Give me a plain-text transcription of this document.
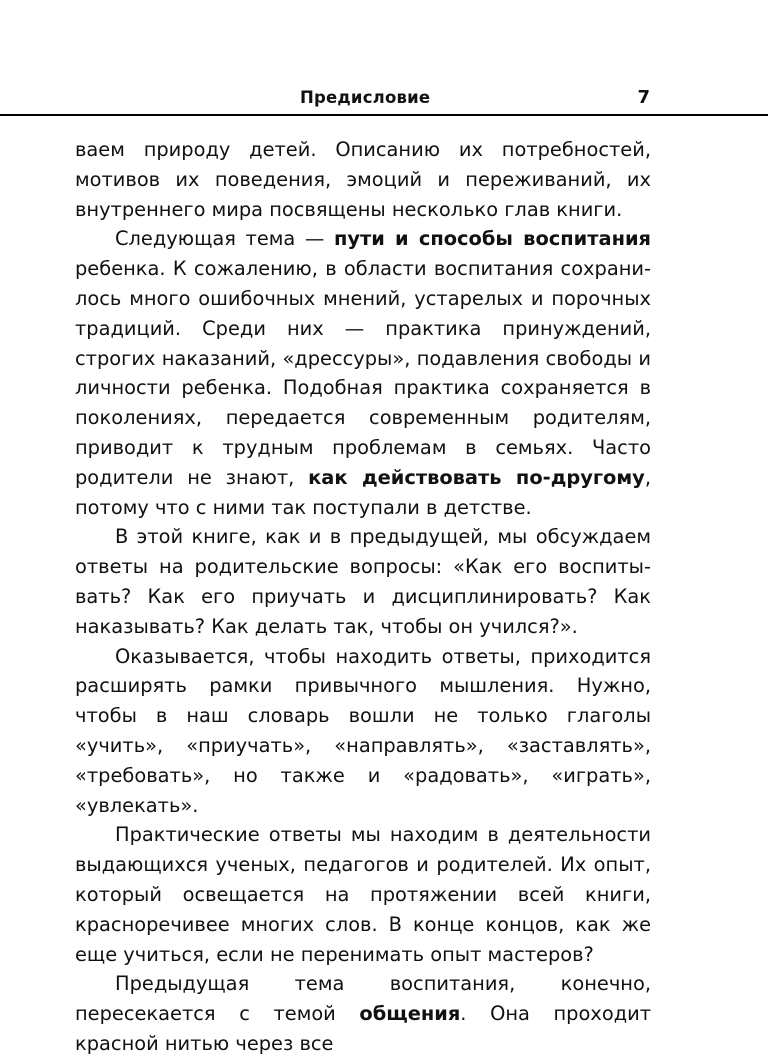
Предисловие	7

ваем природу детей. Описанию их потребностей, мотивов их поведения, эмоций и переживаний, их внутреннего мира посвящены несколько глав книги.

Следующая тема — пути и способы воспитания ребенка. К сожалению, в области воспитания сохранилось много ошибочных мнений, устарелых и порочных традиций. Среди них — практика принуждений, строгих наказаний, «дрессуры», подавления свободы и личности ребенка. Подобная практика сохраняется в поколениях, передается современным родителям, приводит к трудным проблемам в семьях. Часто родители не знают, как действовать по-другому, потому что с ними так поступали в детстве.

В этой книге, как и в предыдущей, мы обсуждаем ответы на родительские вопросы: «Как его воспитывать? Как его приучать и дисциплинировать? Как наказывать? Как делать так, чтобы он учился?».

Оказывается, чтобы находить ответы, приходится расширять рамки привычного мышления. Нужно, чтобы в наш словарь вошли не только глаголы «учить», «приучать», «направлять», «заставлять», «требовать», но также и «радовать», «играть», «увлекать».

Практические ответы мы находим в деятельности выдающихся ученых, педагогов и родителей. Их опыт, который освещается на протяжении всей книги, красноречивее многих слов. В конце концов, как же еще учиться, если не перенимать опыт мастеров?

Предыдущая тема воспитания, конечно, пересекается с темой общения. Она проходит красной нитью через все
